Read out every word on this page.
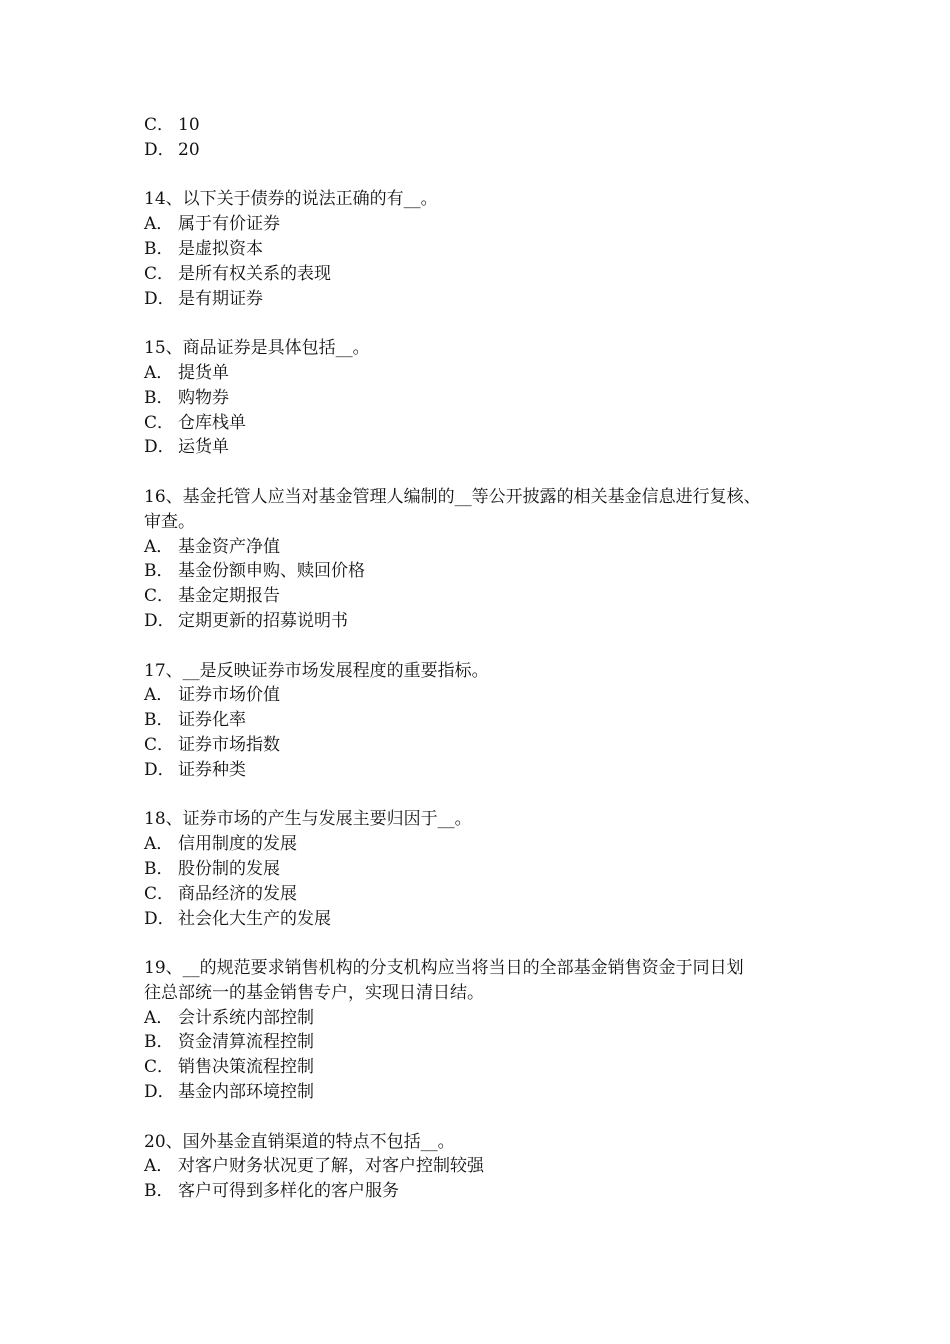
C． 10
D． 20
14、以下关于债券的说法正确的有__。
A． 属于有价证券
B． 是虚拟资本
C． 是所有权关系的表现
D． 是有期证券
15、商品证券是具体包括__。
A． 提货单
B． 购物券
C． 仓库栈单
D． 运货单
16、基金托管人应当对基金管理人编制的__等公开披露的相关基金信息进行复核、
审查。
A． 基金资产净值
B． 基金份额申购、赎回价格
C． 基金定期报告
D． 定期更新的招募说明书
17、__是反映证券市场发展程度的重要指标。
A． 证券市场价值
B． 证券化率
C． 证券市场指数
D． 证券种类
18、证券市场的产生与发展主要归因于__。
A． 信用制度的发展
B． 股份制的发展
C． 商品经济的发展
D． 社会化大生产的发展
19、__的规范要求销售机构的分支机构应当将当日的全部基金销售资金于同日划
往总部统一的基金销售专户，实现日清日结。
A． 会计系统内部控制
B． 资金清算流程控制
C． 销售决策流程控制
D． 基金内部环境控制
20、国外基金直销渠道的特点不包括__。
A． 对客户财务状况更了解，对客户控制较强
B． 客户可得到多样化的客户服务
